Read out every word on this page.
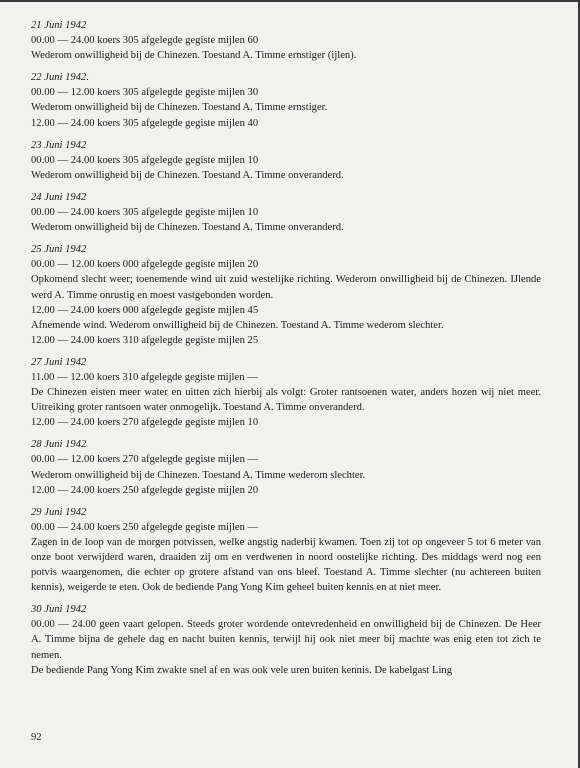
21 Juni 1942
00.00 — 24.00 koers 305 afgelegde gegiste mijlen 60
Wederom onwilligheid bij de Chinezen. Toestand A. Timme ernstiger (ijlen).
22 Juni 1942.
00.00 — 12.00 koers 305 afgelegde gegiste mijlen 30
Wederom onwilligheid bij de Chinezen. Toestand A. Timme ernstiger.
12.00 — 24.00 koers 305 afgelegde gegiste mijlen 40
23 Juni 1942
00.00 — 24.00 koers 305 afgelegde gegiste mijlen 10
Wederom onwilligheid bij de Chinezen. Toestand A. Timme onveranderd.
24 Juni 1942
00.00 — 24.00 koers 305 afgelegde gegiste mijlen 10
Wederom onwilligheid bij de Chinezen. Toestand A. Timme onveranderd.
25 Juni 1942
00.00 — 12.00 koers 000 afgelegde gegiste mijlen 20
Opkomend slecht weer; toenemende wind uit zuid westelijke richting. Wederom onwilligheid bij de Chinezen. IJlende werd A. Timme onrustig en moest vastgebonden worden.
12.00 — 24.00 koers 000 afgelegde gegiste mijlen 45
Afnemende wind. Wederom onwilligheid bij de Chinezen. Toestand A. Timme wederom slechter.
12.00 — 24.00 koers 310 afgelegde gegiste mijlen 25
27 Juni 1942
11.00 — 12.00 koers 310 afgelegde gegiste mijlen —
De Chinezen eisten meer water en uitten zich hierbij als volgt: Groter rantsoenen water, anders hozen wij niet meer. Uitreiking groter rantsoen water onmogelijk. Toestand A. Timme onveranderd.
12.00 — 24.00 koers 270 afgelegde gegiste mijlen 10
28 Juni 1942
00.00 — 12.00 koers 270 afgelegde gegiste mijlen —
Wederom onwilligheid bij de Chinezen. Toestand A. Timme wederom slechter.
12.00 — 24.00 koers 250 afgelegde gegiste mijlen 20
29 Juni 1942
00.00 — 24.00 koers 250 afgelegde gegiste mijlen —
Zagen in de loop van de morgen potvissen, welke angstig naderbij kwamen. Toen zij tot op ongeveer 5 tot 6 meter van onze boot verwijderd waren, draaiden zij om en verdwenen in noord oostelijke richting. Des middags werd nog een potvis waargenomen, die echter op grotere afstand van ons bleef. Toestand A. Timme slechter (nu achtereen buiten kennis), weigerde te eten. Ook de bediende Pang Yong Kim geheel buiten kennis en at niet meer.
30 Juni 1942
00.00 — 24.00 geen vaart gelopen. Steeds groter wordende ontevredenheid en onwilligheid bij de Chinezen. De Heer A. Timme bijna de gehele dag en nacht buiten kennis, terwijl hij ook niet meer bij machte was enig eten tot zich te nemen.
De bediende Pang Yong Kim zwakte snel af en was ook vele uren buiten kennis. De kabelgast Ling
92
